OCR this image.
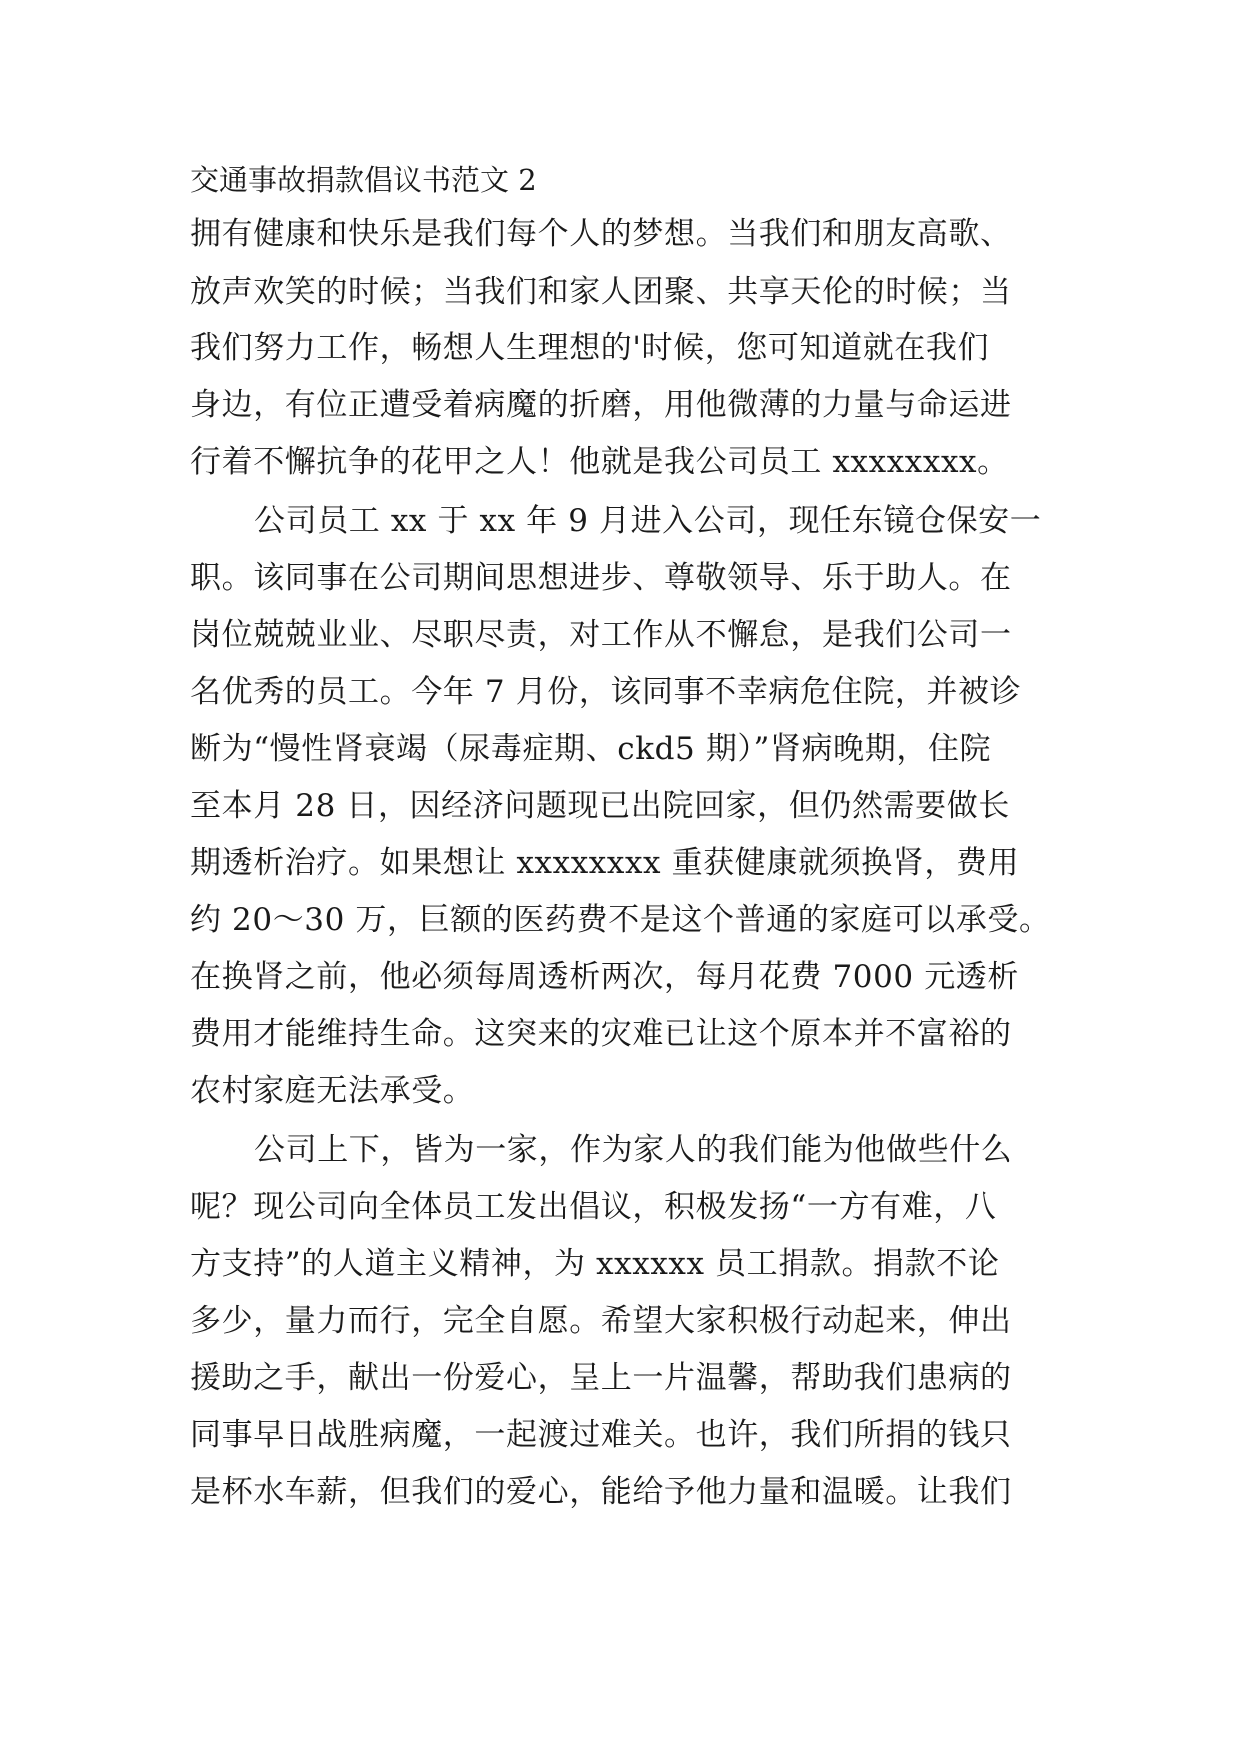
交通事故捐款倡议书范文 2
拥有健康和快乐是我们每个人的梦想。当我们和朋友高歌、
放声欢笑的时候；当我们和家人团聚、共享天伦的时候；当
我们努力工作，畅想人生理想的'时候，您可知道就在我们
身边，有位正遭受着病魔的折磨，用他微薄的力量与命运进
行着不懈抗争的花甲之人！他就是我公司员工 xxxxxxxx。
公司员工 xx 于 xx 年 9 月进入公司，现任东镜仓保安一
职。该同事在公司期间思想进步、尊敬领导、乐于助人。在
岗位兢兢业业、尽职尽责，对工作从不懈怠，是我们公司一
名优秀的员工。今年 7 月份，该同事不幸病危住院，并被诊
断为“慢性肾衰竭（尿毒症期、ckd5 期）”肾病晚期，住院
至本月 28 日，因经济问题现已出院回家，但仍然需要做长
期透析治疗。如果想让 xxxxxxxx 重获健康就须换肾，费用
约 20～30 万，巨额的医药费不是这个普通的家庭可以承受。
在换肾之前，他必须每周透析两次，每月花费 7000 元透析
费用才能维持生命。这突来的灾难已让这个原本并不富裕的
农村家庭无法承受。
公司上下，皆为一家，作为家人的我们能为他做些什么
呢？现公司向全体员工发出倡议，积极发扬“一方有难，八
方支持”的人道主义精神，为 xxxxxx 员工捐款。捐款不论
多少，量力而行，完全自愿。希望大家积极行动起来，伸出
援助之手，献出一份爱心，呈上一片温馨，帮助我们患病的
同事早日战胜病魔，一起渡过难关。也许，我们所捐的钱只
是杯水车薪，但我们的爱心，能给予他力量和温暖。让我们
